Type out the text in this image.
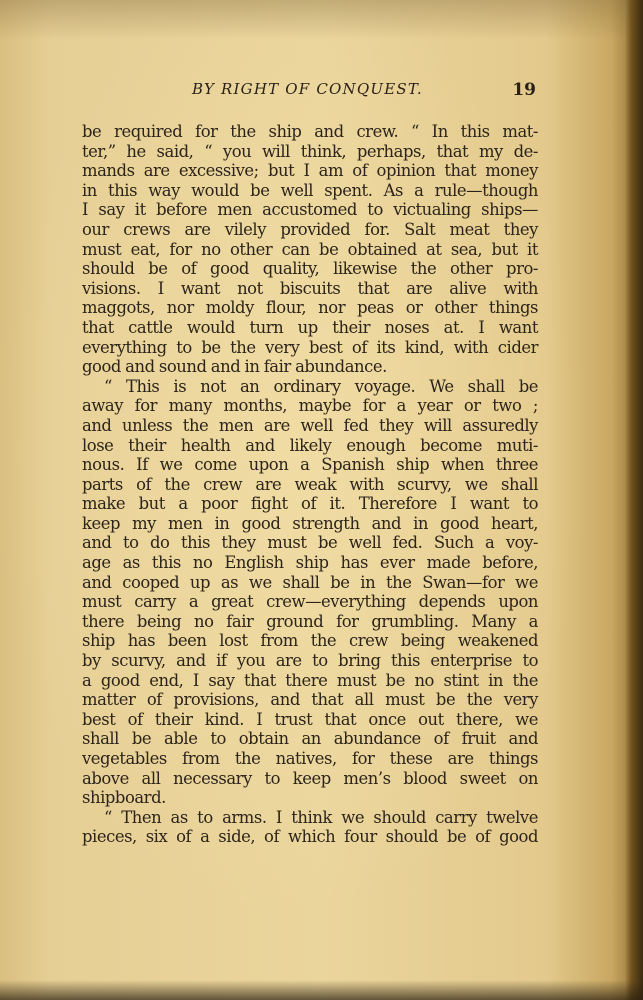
BY RIGHT OF CONQUEST.	19
be required for the ship and crew. “ In this mat-
ter,” he said, “ you will think, perhaps, that my de-
mands are excessive; but I am of opinion that money
in this way would be well spent. As a rule—though
I say it before men accustomed to victualing ships—
our crews are vilely provided for. Salt meat they
must eat, for no other can be obtained at sea, but it
should be of good quality, likewise the other pro-
visions. I want not biscuits that are alive with
maggots, nor moldy flour, nor peas or other things
that cattle would turn up their noses at. I want
everything to be the very best of its kind, with cider
good and sound and in fair abundance.
“ This is not an ordinary voyage. We shall be
away for many months, maybe for a year or two ;
and unless the men are well fed they will assuredly
lose their health and likely enough become muti-
nous. If we come upon a Spanish ship when three
parts of the crew are weak with scurvy, we shall
make but a poor fight of it. Therefore I want to
keep my men in good strength and in good heart,
and to do this they must be well fed. Such a voy-
age as this no English ship has ever made before,
and cooped up as we shall be in the Swan—for we
must carry a great crew—everything depends upon
there being no fair ground for grumbling. Many a
ship has been lost from the crew being weakened
by scurvy, and if you are to bring this enterprise to
a good end, I say that there must be no stint in the
matter of provisions, and that all must be the very
best of their kind. I trust that once out there, we
shall be able to obtain an abundance of fruit and
vegetables from the natives, for these are things
above all necessary to keep men’s blood sweet on
shipboard.
“ Then as to arms. I think we should carry twelve
pieces, six of a side, of which four should be of good
